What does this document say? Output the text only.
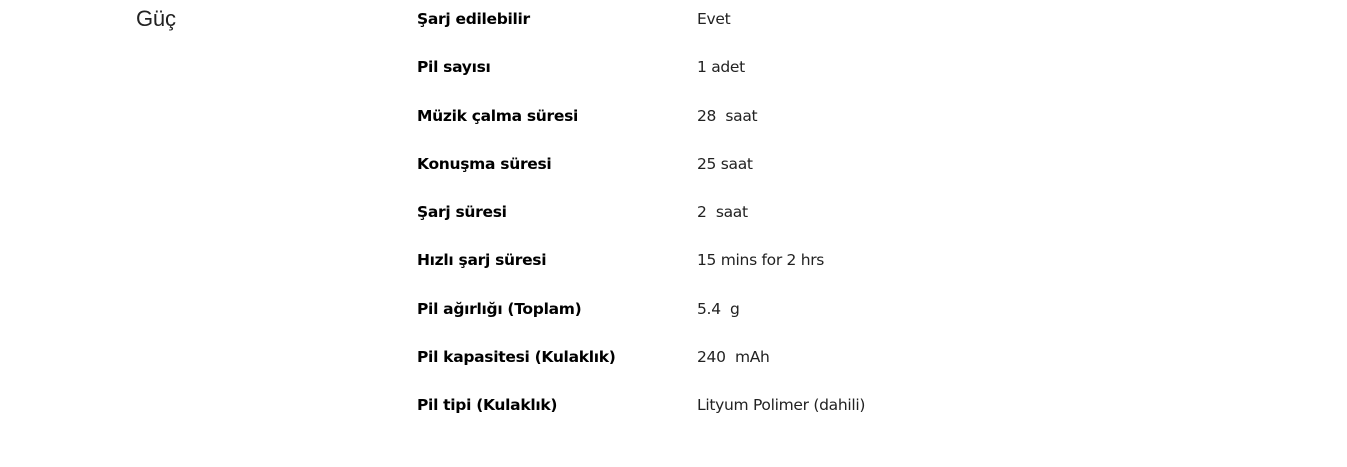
Güç	Şarj edilebilir	Evet
Pil sayısı	1 adet
Müzik çalma süresi	28  saat
Konuşma süresi	25 saat
Şarj süresi	2  saat
Hızlı şarj süresi	15 mins for 2 hrs
Pil ağırlığı (Toplam)	5.4  g
Pil kapasitesi (Kulaklık)	240  mAh
Pil tipi (Kulaklık)	Lityum Polimer (dahili)
